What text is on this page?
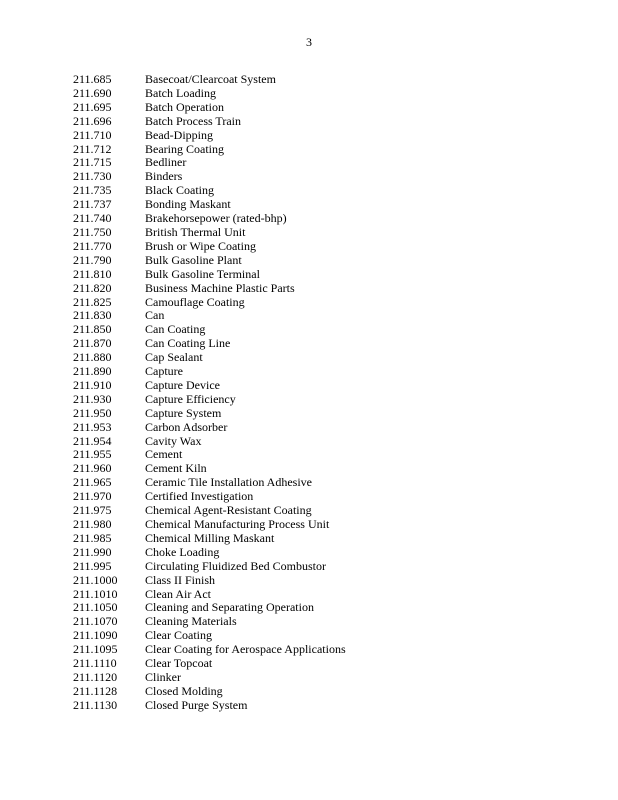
3
211.685	Basecoat/Clearcoat System
211.690	Batch Loading
211.695	Batch Operation
211.696	Batch Process Train
211.710	Bead-Dipping
211.712	Bearing Coating
211.715	Bedliner
211.730	Binders
211.735	Black Coating
211.737	Bonding Maskant
211.740	Brakehorsepower (rated-bhp)
211.750	British Thermal Unit
211.770	Brush or Wipe Coating
211.790	Bulk Gasoline Plant
211.810	Bulk Gasoline Terminal
211.820	Business Machine Plastic Parts
211.825	Camouflage Coating
211.830	Can
211.850	Can Coating
211.870	Can Coating Line
211.880	Cap Sealant
211.890	Capture
211.910	Capture Device
211.930	Capture Efficiency
211.950	Capture System
211.953	Carbon Adsorber
211.954	Cavity Wax
211.955	Cement
211.960	Cement Kiln
211.965	Ceramic Tile Installation Adhesive
211.970	Certified Investigation
211.975	Chemical Agent-Resistant Coating
211.980	Chemical Manufacturing Process Unit
211.985	Chemical Milling Maskant
211.990	Choke Loading
211.995	Circulating Fluidized Bed Combustor
211.1000	Class II Finish
211.1010	Clean Air Act
211.1050	Cleaning and Separating Operation
211.1070	Cleaning Materials
211.1090	Clear Coating
211.1095	Clear Coating for Aerospace Applications
211.1110	Clear Topcoat
211.1120	Clinker
211.1128	Closed Molding
211.1130	Closed Purge System
